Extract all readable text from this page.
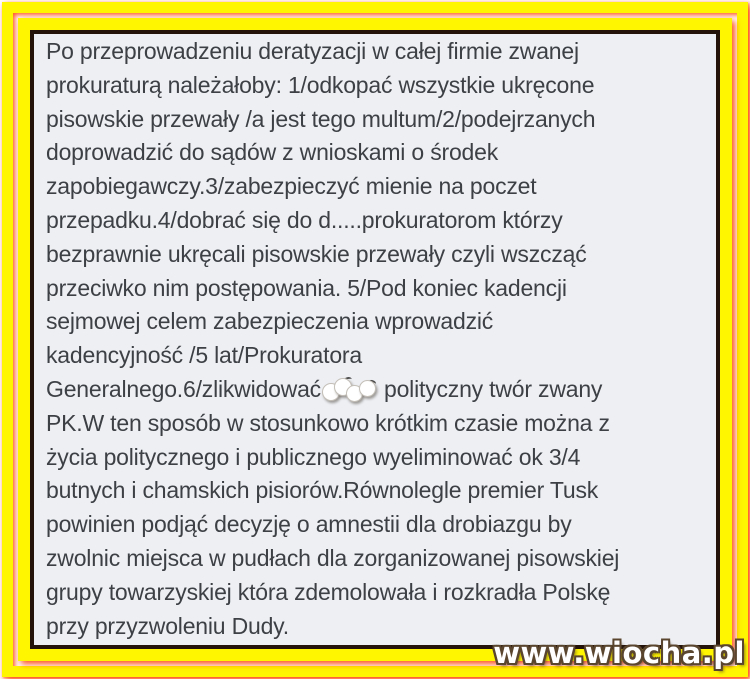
Po przeprowadzeniu deratyzacji w całej firmie zwanej
prokuraturą należałoby: 1/odkopać wszystkie ukręcone
pisowskie przewały /a jest tego multum/2/podejrzanych
doprowadzić do sądów z wnioskami o środek
zapobiegawczy.3/zabezpieczyć mienie na poczet
przepadku.4/dobrać się do d.....prokuratorom którzy
bezprawnie ukręcali pisowskie przewały czyli wszcząć
przeciwko nim postępowania. 5/Pod koniec kadencji
sejmowej celem zabezpieczenia wprowadzić
kadencyjność /5 lat/Prokuratora
Generalnego.6/zlikwidować	polityczny twór zwany
PK.W ten sposób w stosunkowo krótkim czasie można z
życia politycznego i publicznego wyeliminować ok 3/4
butnych i chamskich pisiorów.Równolegle premier Tusk
powinien podjąć decyzję o amnestii dla drobiazgu by
zwolnic miejsca w pudłach dla zorganizowanej pisowskiej
grupy towarzyskiej która zdemolowała i rozkradła Polskę
przy przyzwoleniu Dudy.
www.wiocha.pl
